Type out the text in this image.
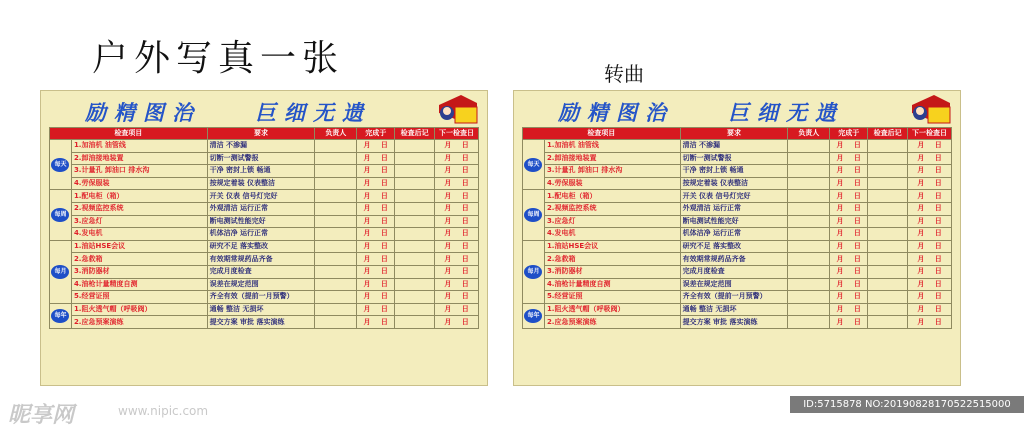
户外写真一张	转曲
励精图治	巨细无遗
检查项目		要求	负责人	完成于	检查后记	下一检查日
每天	1.加油机 油管线	清洁 不渗漏		月 日		月 日
	2.卸油接地装置	切断一测试警报		月 日		月 日
	3.计量孔 卸油口 排水沟	干净 密封上锁 畅通		月 日		月 日
	4.劳保服装	按规定着装 仪表整洁		月 日		月 日
每周	1.配电柜（箱）	开关 仪表 信号灯完好		月 日		月 日
	2.视频监控系统	外观清洁 运行正常		月 日		月 日
	3.应急灯	断电测试性能完好		月 日		月 日
	4.发电机	机体洁净 运行正常		月 日		月 日
每月	1.油站HSE会议	研究不足 落实整改		月 日		月 日
	2.急救箱	有效期常规药品齐备		月 日		月 日
	3.消防器材	完成月度检查		月 日		月 日
	4.油枪计量精度自测	误差在规定范围		月 日		月 日
	5.经营证照	齐全有效（提前一月预警）		月 日		月 日
每年	1.阻火透气帽（呼吸阀）	通畅 整洁 无损坏		月 日		月 日
	2.应急预案演练	提交方案 审批 落实演练		月 日		月 日
励精图治	巨细无遗
检查项目		要求	负责人	完成于	检查后记	下一检查日
每天	1.加油机 油管线	清洁 不渗漏		月 日		月 日
	2.卸油接地装置	切断一测试警报		月 日		月 日
	3.计量孔 卸油口 排水沟	干净 密封上锁 畅通		月 日		月 日
	4.劳保服装	按规定着装 仪表整洁		月 日		月 日
每周	1.配电柜（箱）	开关 仪表 信号灯完好		月 日		月 日
	2.视频监控系统	外观清洁 运行正常		月 日		月 日
	3.应急灯	断电测试性能完好		月 日		月 日
	4.发电机	机体洁净 运行正常		月 日		月 日
每月	1.油站HSE会议	研究不足 落实整改		月 日		月 日
	2.急救箱	有效期常规药品齐备		月 日		月 日
	3.消防器材	完成月度检查		月 日		月 日
	4.油枪计量精度自测	误差在规定范围		月 日		月 日
	5.经营证照	齐全有效（提前一月预警）		月 日		月 日
每年	1.阻火透气帽（呼吸阀）	通畅 整洁 无损坏		月 日		月 日
	2.应急预案演练	提交方案 审批 落实演练		月 日		月 日
昵享网	www.nipic.com	ID:5715878 NO:20190828170522515000
